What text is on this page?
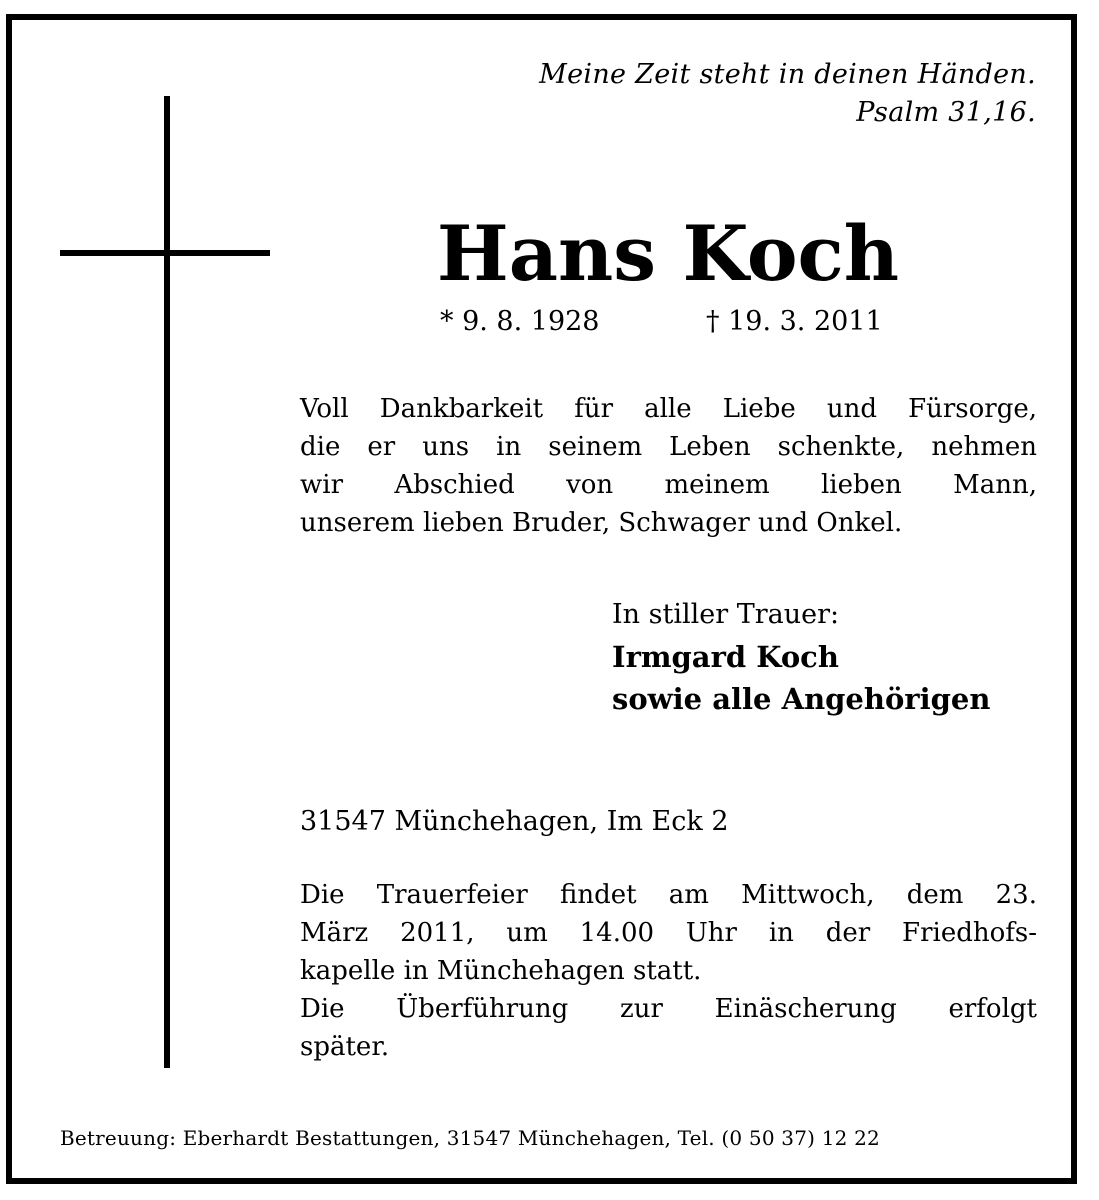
Meine Zeit steht in deinen Händen.
Psalm 31,16.
Hans Koch
* 9. 8. 1928	† 19. 3. 2011
Voll Dankbarkeit für alle Liebe und Fürsorge,
die er uns in seinem Leben schenkte, nehmen
wir Abschied von meinem lieben Mann,
unserem lieben Bruder, Schwager und Onkel.
In stiller Trauer:
Irmgard Koch
sowie alle Angehörigen
31547 Münchehagen, Im Eck 2
Die Trauerfeier findet am Mittwoch, dem 23.
März 2011, um 14.00 Uhr in der Friedhofs-
kapelle in Münchehagen statt.
Die Überführung zur Einäscherung erfolgt
später.
Betreuung: Eberhardt Bestattungen, 31547 Münchehagen, Tel. (0 50 37) 12 22
